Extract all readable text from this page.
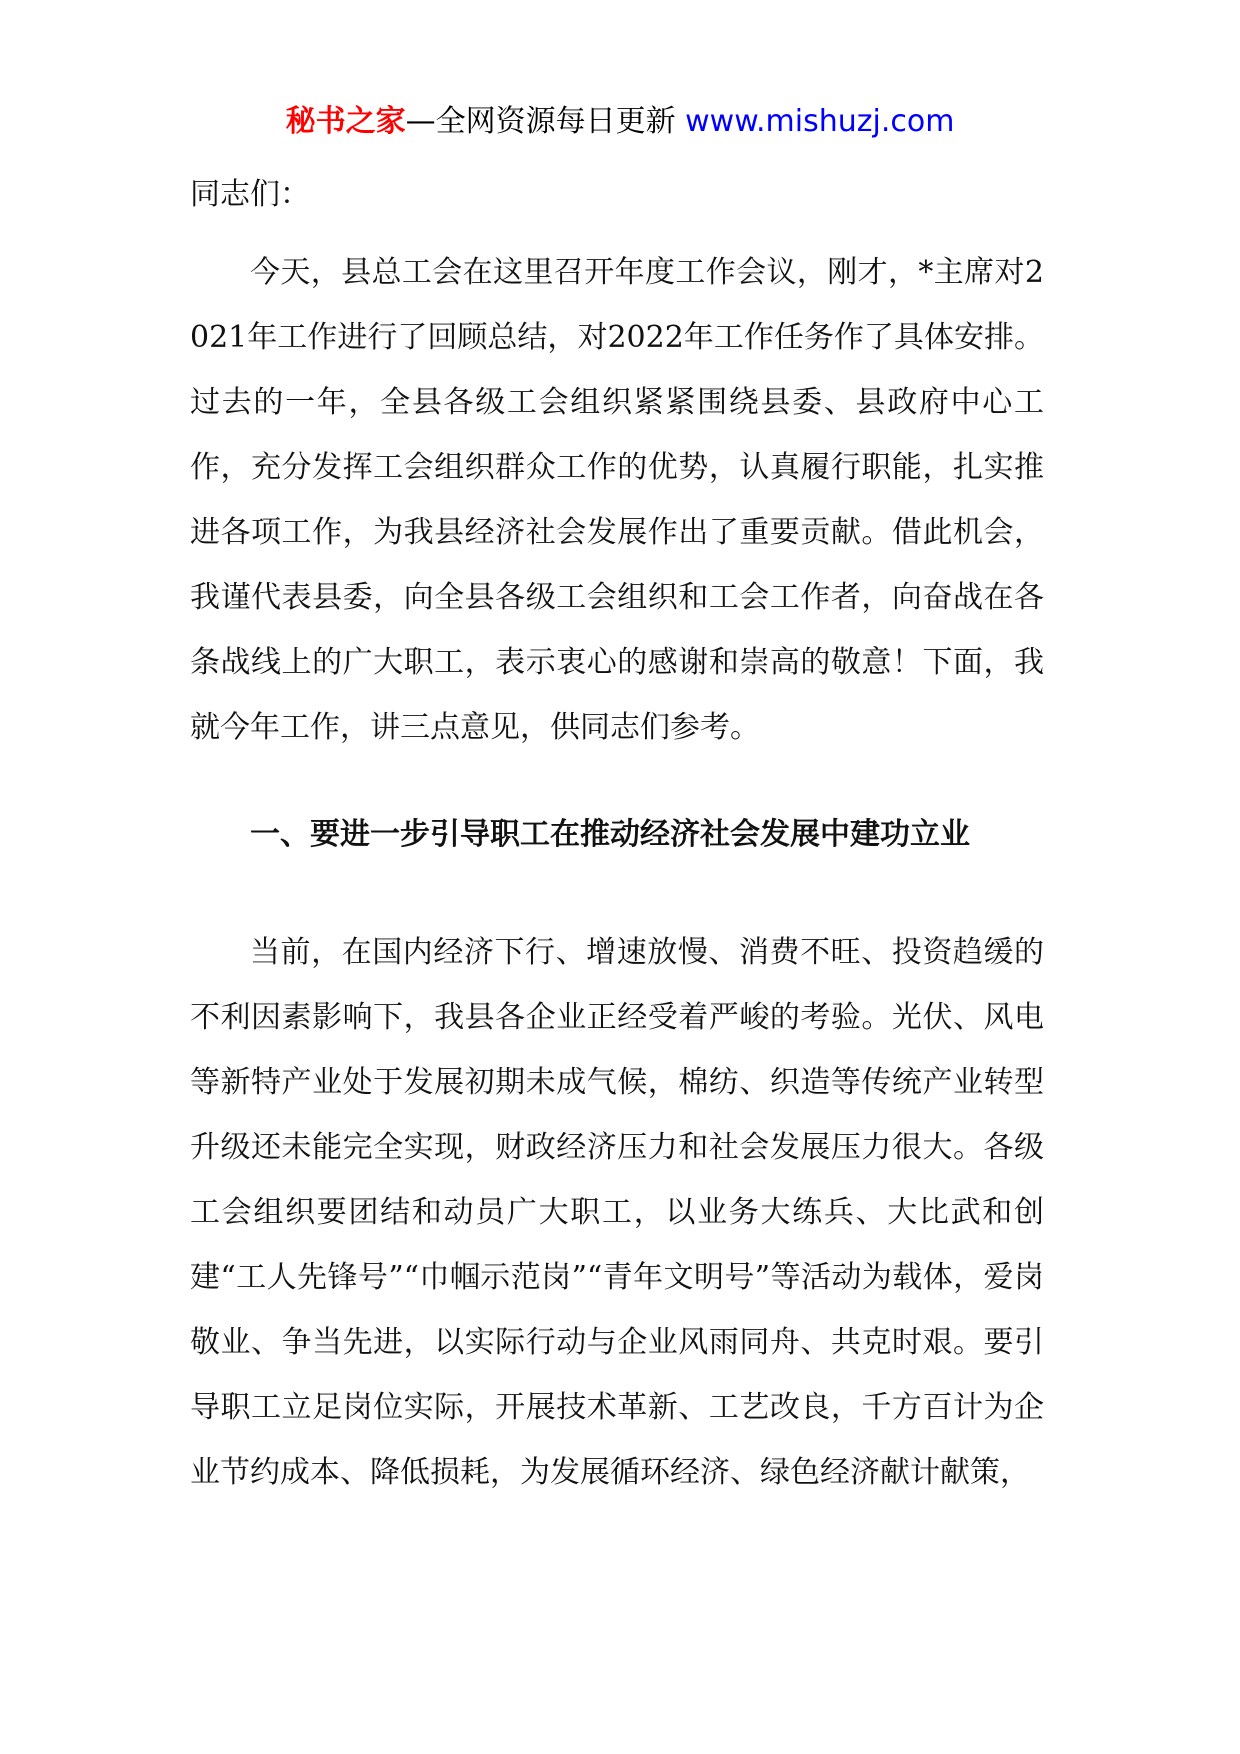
秘书之家—全网资源每日更新 www.mishuzj.com
同志们：
今天，县总工会在这里召开年度工作会议，刚才，*主席对2021年工作进行了回顾总结，对2022年工作任务作了具体安排。过去的一年，全县各级工会组织紧紧围绕县委、县政府中心工作，充分发挥工会组织群众工作的优势，认真履行职能，扎实推进各项工作，为我县经济社会发展作出了重要贡献。借此机会，我谨代表县委，向全县各级工会组织和工会工作者，向奋战在各条战线上的广大职工，表示衷心的感谢和崇高的敬意！下面，我就今年工作，讲三点意见，供同志们参考。
一、要进一步引导职工在推动经济社会发展中建功立业
当前，在国内经济下行、增速放慢、消费不旺、投资趋缓的不利因素影响下，我县各企业正经受着严峻的考验。光伏、风电等新特产业处于发展初期未成气候，棉纺、织造等传统产业转型升级还未能完全实现，财政经济压力和社会发展压力很大。各级工会组织要团结和动员广大职工，以业务大练兵、大比武和创建“工人先锋号”“巾帼示范岗”“青年文明号”等活动为载体，爱岗敬业、争当先进，以实际行动与企业风雨同舟、共克时艰。要引导职工立足岗位实际，开展技术革新、工艺改良，千方百计为企业节约成本、降低损耗，为发展循环经济、绿色经济献计献策，
